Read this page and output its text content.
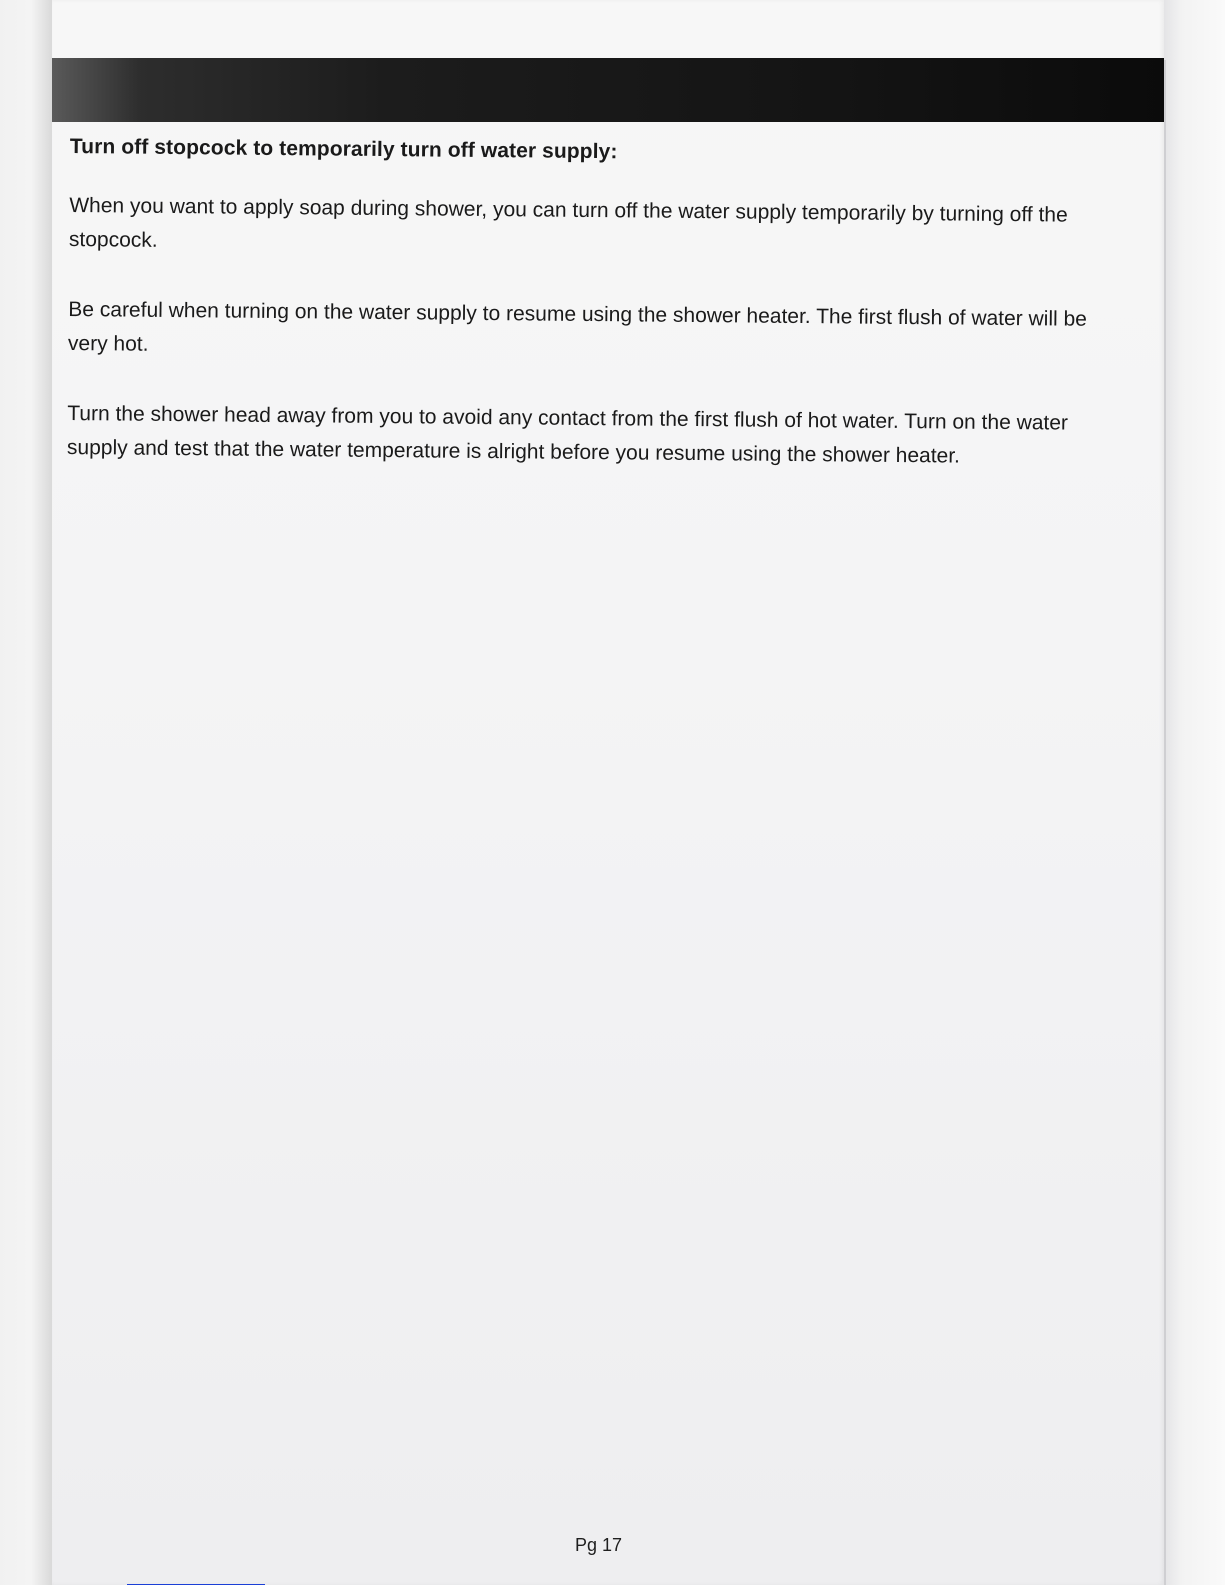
Turn off stopcock to temporarily turn off water supply:

When you want to apply soap during shower, you can turn off the water supply temporarily by turning off the stopcock.

Be careful when turning on the water supply to resume using the shower heater. The first flush of water will be very hot.

Turn the shower head away from you to avoid any contact from the first flush of hot water. Turn on the water supply and test that the water temperature is alright before you resume using the shower heater.

Pg 17
